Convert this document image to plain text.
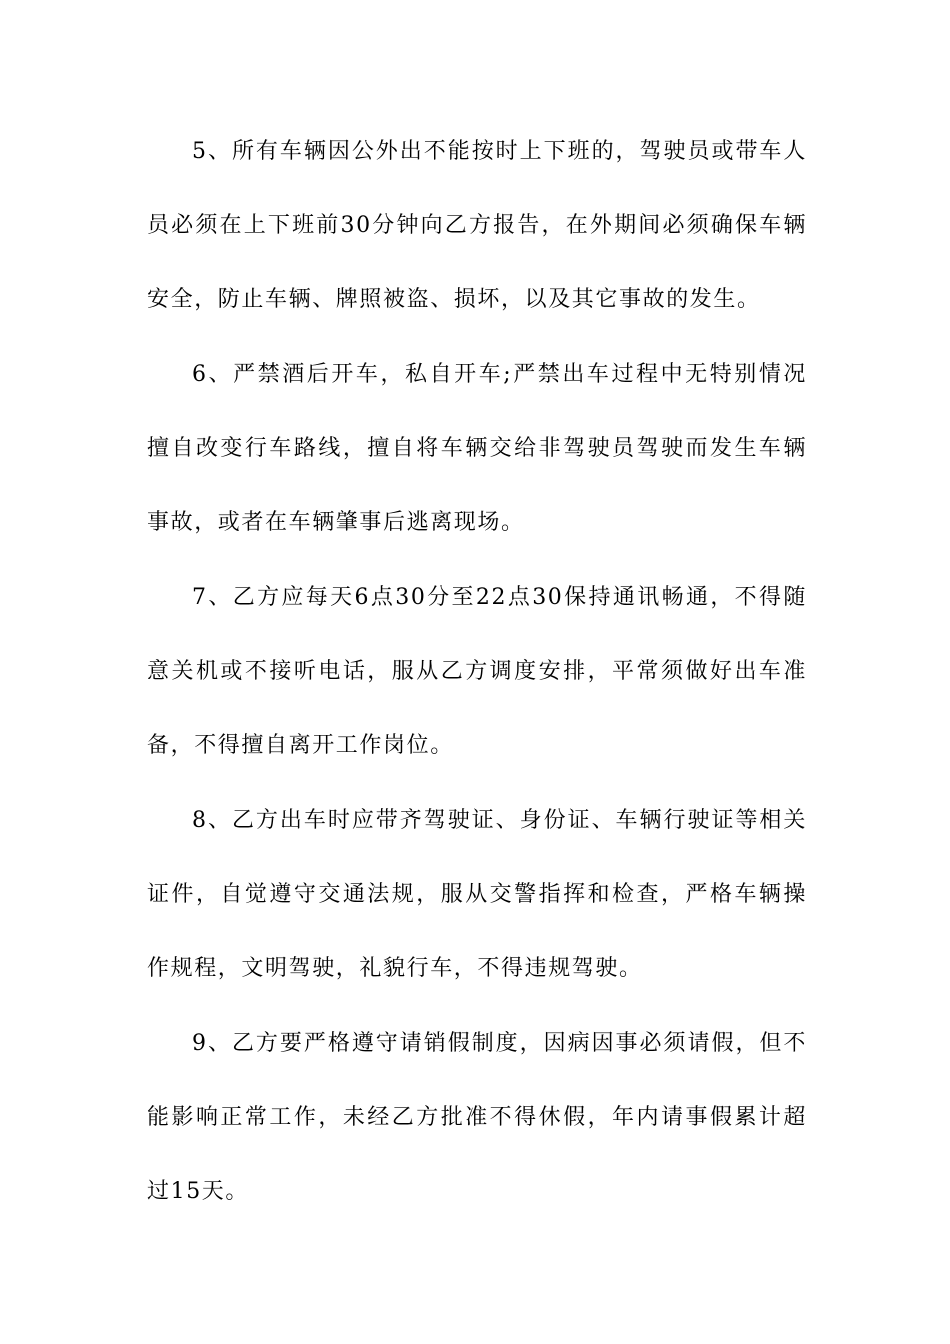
5、所有车辆因公外出不能按时上下班的，驾驶员或带车人
员必须在上下班前30分钟向乙方报告，在外期间必须确保车辆
安全，防止车辆、牌照被盗、损坏，以及其它事故的发生。
6、严禁酒后开车，私自开车;严禁出车过程中无特别情况
擅自改变行车路线，擅自将车辆交给非驾驶员驾驶而发生车辆
事故，或者在车辆肇事后逃离现场。
7、乙方应每天6点30分至22点30保持通讯畅通，不得随
意关机或不接听电话，服从乙方调度安排，平常须做好出车准
备，不得擅自离开工作岗位。
8、乙方出车时应带齐驾驶证、身份证、车辆行驶证等相关
证件，自觉遵守交通法规，服从交警指挥和检查，严格车辆操
作规程，文明驾驶，礼貌行车，不得违规驾驶。
9、乙方要严格遵守请销假制度，因病因事必须请假，但不
能影响正常工作，未经乙方批准不得休假，年内请事假累计超
过15天。
